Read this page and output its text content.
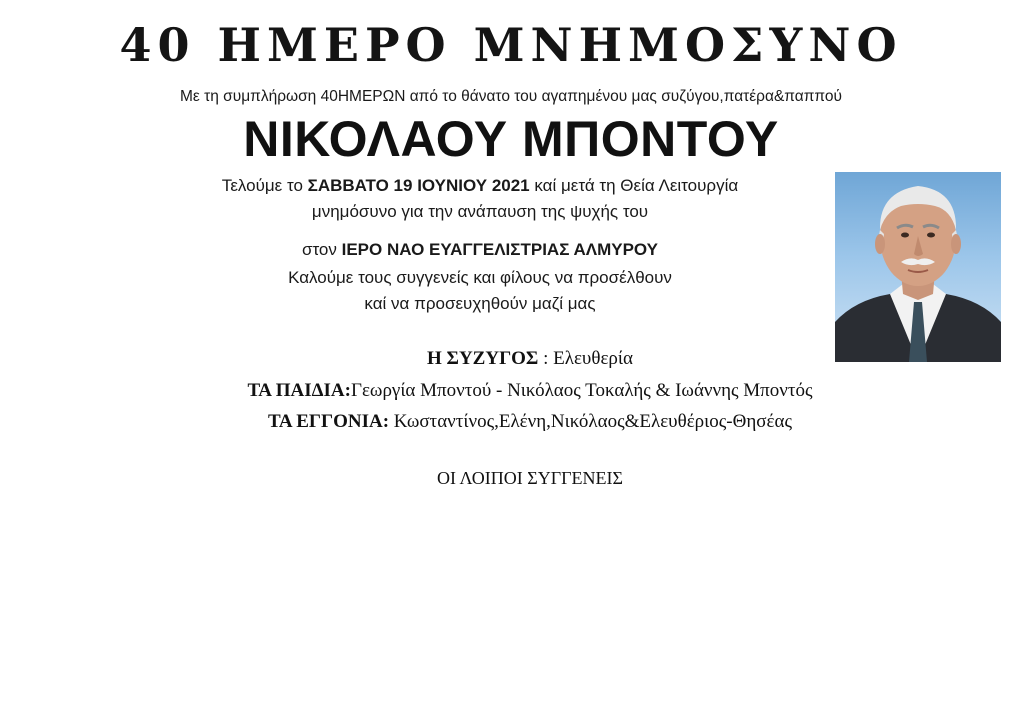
40 ΗΜΕΡΟ ΜΝΗΜΟΣΥΝΟ
Με τη συμπλήρωση 40ΗΜΕΡΩΝ από το θάνατο του αγαπημένου μας συζύγου,πατέρα&παππού
ΝΙΚΟΛΑΟΥ ΜΠΟΝΤΟΥ
Τελούμε το ΣΑΒΒΑΤΟ 19 ΙΟΥΝΙΟΥ 2021 καί μετά τη Θεία Λειτουργία
μνημόσυνο για την ανάπαυση της ψυχής του
στον ΙΕΡΟ ΝΑΟ ΕΥΑΓΓΕΛΙΣΤΡΙΑΣ ΑΛΜΥΡΟΥ
Καλούμε τους συγγενείς και φίλους να προσέλθουν
καί να προσευχηθούν μαζί μας
Η ΣΥΖΥΓΟΣ : Ελευθερία
ΤΑ ΠΑΙΔΙΑ:Γεωργία Μποντού - Νικόλαος Τοκαλής & Ιωάννης Μποντός
ΤΑ ΕΓΓΟΝΙΑ: Κωσταντίνος,Ελένη,Νικόλαος&Ελευθέριος-Θησέας
ΟΙ ΛΟΙΠΟΙ ΣΥΓΓΕΝΕΙΣ
